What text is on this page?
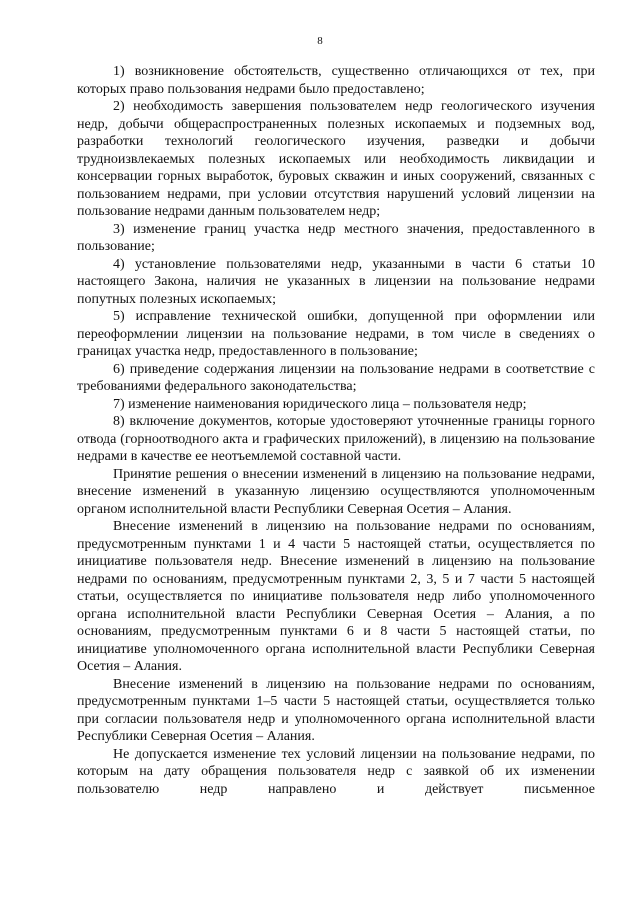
8

1) возникновение обстоятельств, существенно отличающихся от тех, при которых право пользования недрами было предоставлено;

2) необходимость завершения пользователем недр геологического изучения недр, добычи общераспространенных полезных ископаемых и подземных вод, разработки технологий геологического изучения, разведки и добычи трудноизвлекаемых полезных ископаемых или необходимость ликвидации и консервации горных выработок, буровых скважин и иных сооружений, связанных с пользованием недрами, при условии отсутствия нарушений условий лицензии на пользование недрами данным пользователем недр;

3) изменение границ участка недр местного значения, предоставленного в пользование;

4) установление пользователями недр, указанными в части 6 статьи 10 настоящего Закона, наличия не указанных в лицензии на пользование недрами попутных полезных ископаемых;

5) исправление технической ошибки, допущенной при оформлении или переоформлении лицензии на пользование недрами, в том числе в сведениях о границах участка недр, предоставленного в пользование;

6) приведение содержания лицензии на пользование недрами в соответствие с требованиями федерального законодательства;

7) изменение наименования юридического лица – пользователя недр;

8) включение документов, которые удостоверяют уточненные границы горного отвода (горноотводного акта и графических приложений), в лицензию на пользование недрами в качестве ее неотъемлемой составной части.

Принятие решения о внесении изменений в лицензию на пользование недрами, внесение изменений в указанную лицензию осуществляются уполномоченным органом исполнительной власти Республики Северная Осетия – Алания.

Внесение изменений в лицензию на пользование недрами по основаниям, предусмотренным пунктами 1 и 4 части 5 настоящей статьи, осуществляется по инициативе пользователя недр. Внесение изменений в лицензию на пользование недрами по основаниям, предусмотренным пунктами 2, 3, 5 и 7 части 5 настоящей статьи, осуществляется по инициативе пользователя недр либо уполномоченного органа исполнительной власти Республики Северная Осетия – Алания, а по основаниям, предусмотренным пунктами 6 и 8 части 5 настоящей статьи, по инициативе уполномоченного органа исполнительной власти Республики Северная Осетия – Алания.

Внесение изменений в лицензию на пользование недрами по основаниям, предусмотренным пунктами 1–5 части 5 настоящей статьи, осуществляется только при согласии пользователя недр и уполномоченного органа исполнительной власти Республики Северная Осетия – Алания.

Не допускается изменение тех условий лицензии на пользование недрами, по которым на дату обращения пользователя недр с заявкой об их изменении пользователю недр направлено и действует письменное
